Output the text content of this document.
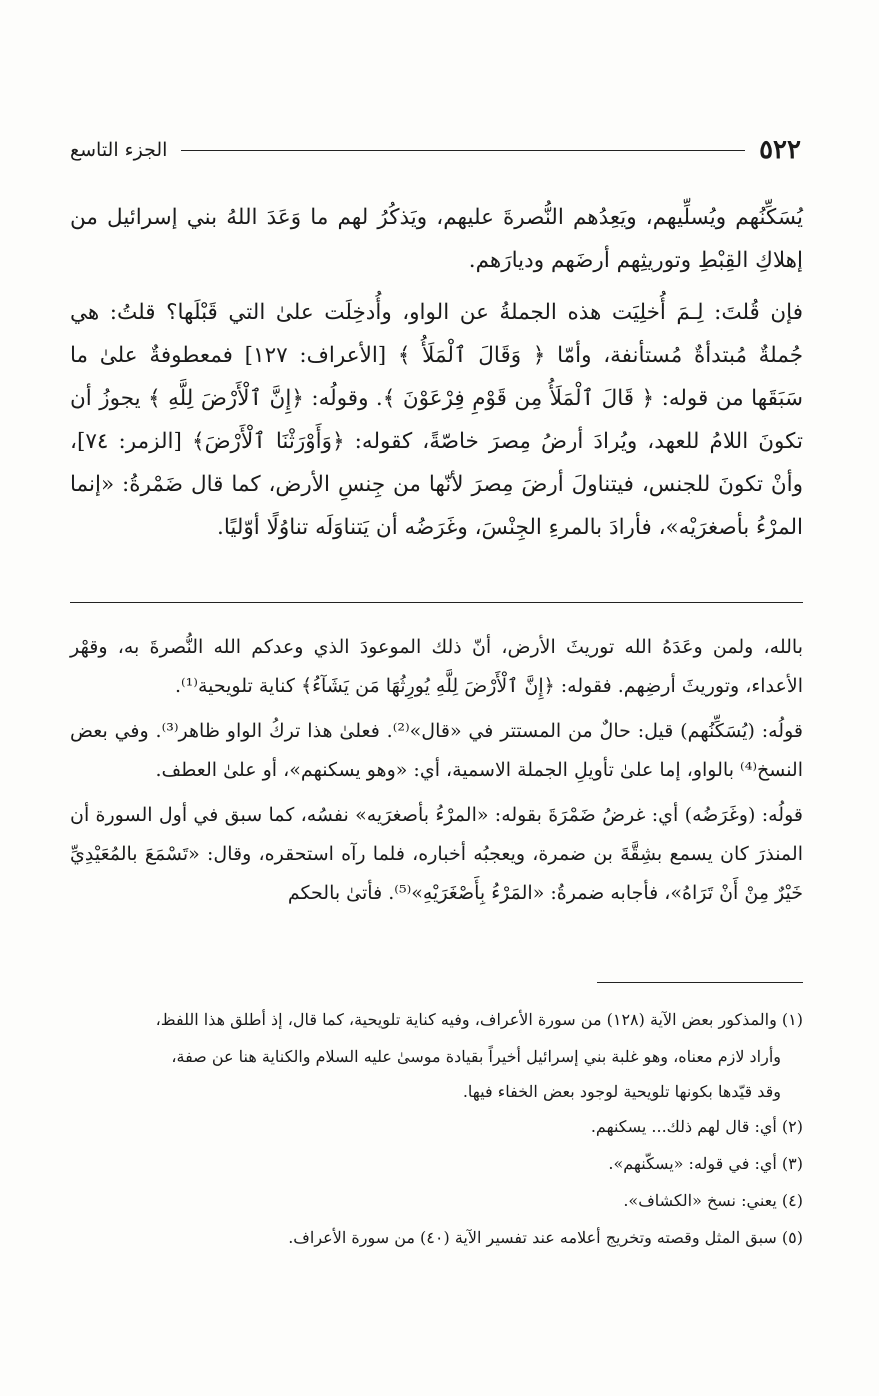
٥٢٢
الجزء التاسع

يُسَكِّنُهم ويُسلِّيهم، ويَعِدُهم النُّصرةَ عليهم، ويَذكُرُ لهم ما وَعَدَ اللهُ بني إسرائيل من إهلاكِ القِبْطِ وتوريثِهم أرضَهم وديارَهم.

فإن قُلتَ: لِـمَ أُخلِيَت هذه الجملةُ عن الواو، وأُدخِلَت علىٰ التي قَبْلَها؟ قلتُ: هي جُملةٌ مُبتدأةٌ مُستأنفة، وأمّا ﴿ وَقَالَ ٱلْمَلَأُ ﴾ [الأعراف: ١٢٧] فمعطوفةٌ علىٰ ما سَبَقَها من قوله: ﴿ قَالَ ٱلْمَلَأُ مِن قَوْمِ فِرْعَوْنَ ﴾. وقولُه: ﴿إِنَّ ٱلْأَرْضَ لِلَّهِ ﴾ يجوزُ أن تكونَ اللامُ للعهد، ويُرادَ أرضُ مِصرَ خاصّةً، كقوله: ﴿وَأَوْرَثْنَا ٱلْأَرْضَ﴾ [الزمر: ٧٤]، وأنْ تكونَ للجنس، فيتناولَ أرضَ مِصرَ لأنّها من جِنسِ الأرض، كما قال ضَمْرةُ: «إنما المرْءُ بأصغرَيْه»، فأرادَ بالمرءِ الجِنْسَ، وغَرَضُه أن يَتناوَلَه تناوُلًا أوّليًا.

بالله، ولمن وعَدَهُ الله توريثَ الأرض، أنّ ذلك الموعودَ الذي وعدكم الله النُّصرةَ به، وقهْر الأعداء، وتوريثَ أرضِهم. فقوله: ﴿إِنَّ ٱلْأَرْضَ لِلَّهِ يُورِثُهَا مَن يَشَآءُ﴾ كناية تلويحية⁽¹⁾.

قولُه: (يُسَكِّنُهم) قيل: حالٌ من المستتر في «قال»⁽²⁾. فعلىٰ هذا تركُ الواو ظاهر⁽³⁾. وفي بعض النسخ⁽⁴⁾ بالواو، إما علىٰ تأويلِ الجملة الاسمية، أي: «وهو يسكنهم»، أو علىٰ العطف.

قولُه: (وغَرَضُه) أي: غرضُ ضَمْرَةَ بقوله: «المرْءُ بأصغرَيه» نفسُه، كما سبق في أول السورة أن المنذرَ كان يسمع بشِقَّةَ بن ضمرة، ويعجبُه أخباره، فلما رآه استحقره، وقال: «تَسْمَعَ بالمُعَيْدِيِّ خَيْرٌ مِنْ أَنْ تَرَاهُ»، فأجابه ضمرةُ: «المَرْءُ بِأَصْغَرَيْهِ»⁽⁵⁾. فأتىٰ بالحكم

(١) والمذكور بعض الآية (١٢٨) من سورة الأعراف، وفيه كناية تلويحية، كما قال، إذ أطلق هذا اللفظ،
وأراد لازم معناه، وهو غلبة بني إسرائيل أخيراً بقيادة موسىٰ عليه السلام والكناية هنا عن صفة،
وقد قيّدها بكونها تلويحية لوجود بعض الخفاء فيها.
(٢) أي: قال لهم ذلك... يسكنهم.
(٣) أي: في قوله: «يسكّنهم».
(٤) يعني: نسخ «الكشاف».
(٥) سبق المثل وقصته وتخريج أعلامه عند تفسير الآية (٤٠) من سورة الأعراف.
